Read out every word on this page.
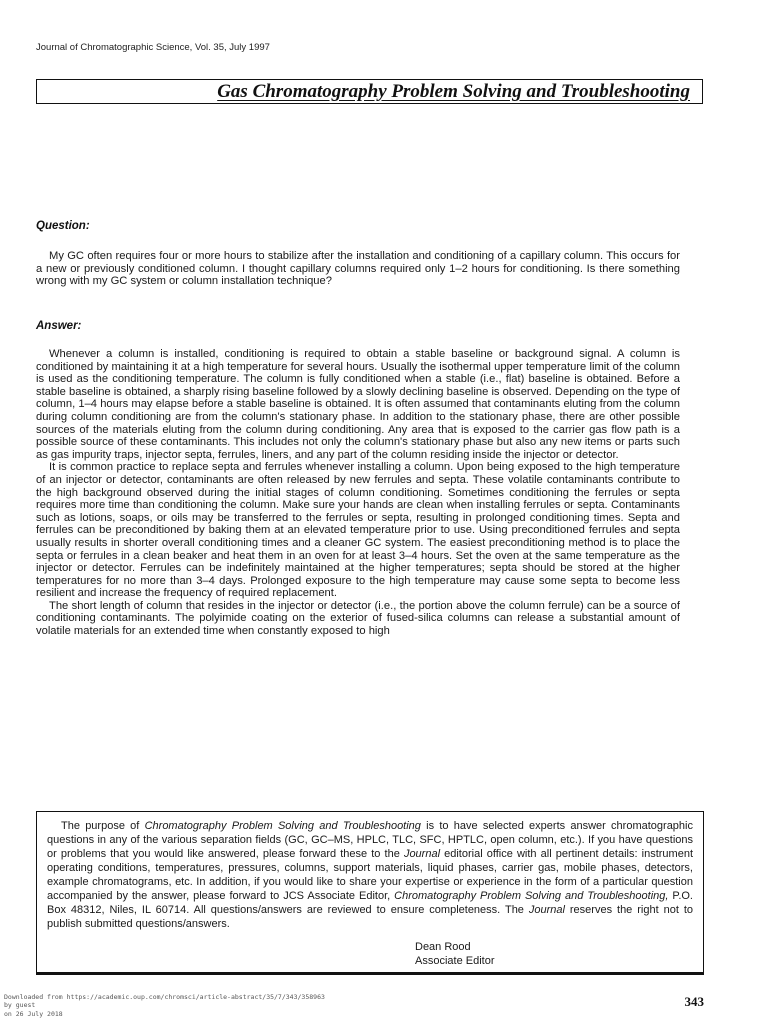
Journal of Chromatographic Science, Vol. 35, July 1997
Gas Chromatography Problem Solving and Troubleshooting
Question:

My GC often requires four or more hours to stabilize after the installation and conditioning of a capillary column. This occurs for a new or previously conditioned column. I thought capillary columns required only 1–2 hours for conditioning. Is there something wrong with my GC system or column installation technique?

Answer:

Whenever a column is installed, conditioning is required to obtain a stable baseline or background signal. A column is conditioned by maintaining it at a high temperature for several hours. Usually the isothermal upper temperature limit of the column is used as the conditioning temperature. The column is fully conditioned when a stable (i.e., flat) baseline is obtained. Before a stable baseline is obtained, a sharply rising baseline followed by a slowly declining baseline is observed. Depending on the type of column, 1–4 hours may elapse before a stable baseline is obtained. It is often assumed that contaminants eluting from the column during column conditioning are from the column's stationary phase. In addition to the stationary phase, there are other possible sources of the materials eluting from the column during conditioning. Any area that is exposed to the carrier gas flow path is a possible source of these contaminants. This includes not only the column's stationary phase but also any new items or parts such as gas impurity traps, injector septa, ferrules, liners, and any part of the column residing inside the injector or detector.

It is common practice to replace septa and ferrules whenever installing a column. Upon being exposed to the high temperature of an injector or detector, contaminants are often released by new ferrules and septa. These volatile contaminants contribute to the high background observed during the initial stages of column conditioning. Sometimes conditioning the ferrules or septa requires more time than conditioning the column. Make sure your hands are clean when installing ferrules or septa. Contaminants such as lotions, soaps, or oils may be transferred to the ferrules or septa, resulting in prolonged conditioning times. Septa and ferrules can be preconditioned by baking them at an elevated temperature prior to use. Using preconditioned ferrules and septa usually results in shorter overall conditioning times and a cleaner GC system. The easiest preconditioning method is to place the septa or ferrules in a clean beaker and heat them in an oven for at least 3–4 hours. Set the oven at the same temperature as the injector or detector. Ferrules can be indefinitely maintained at the higher temperatures; septa should be stored at the higher temperatures for no more than 3–4 days. Prolonged exposure to the high temperature may cause some septa to become less resilient and increase the frequency of required replacement.

The short length of column that resides in the injector or detector (i.e., the portion above the column ferrule) can be a source of conditioning contaminants. The polyimide coating on the exterior of fused-silica columns can release a substantial amount of volatile materials for an extended time when constantly exposed to high

The purpose of Chromatography Problem Solving and Troubleshooting is to have selected experts answer chromatographic questions in any of the various separation fields (GC, GC–MS, HPLC, TLC, SFC, HPTLC, open column, etc.). If you have questions or problems that you would like answered, please forward these to the Journal editorial office with all pertinent details: instrument operating conditions, temperatures, pressures, columns, support materials, liquid phases, carrier gas, mobile phases, detectors, example chromatograms, etc. In addition, if you would like to share your expertise or experience in the form of a particular question accompanied by the answer, please forward to JCS Associate Editor, Chromatography Problem Solving and Troubleshooting, P.O. Box 48312, Niles, IL 60714. All questions/answers are reviewed to ensure completeness. The Journal reserves the right not to publish submitted questions/answers.

Dean Rood
Associate Editor
Downloaded from https://academic.oup.com/chromsci/article-abstract/35/7/343/358963
by guest
on 26 July 2018
343
